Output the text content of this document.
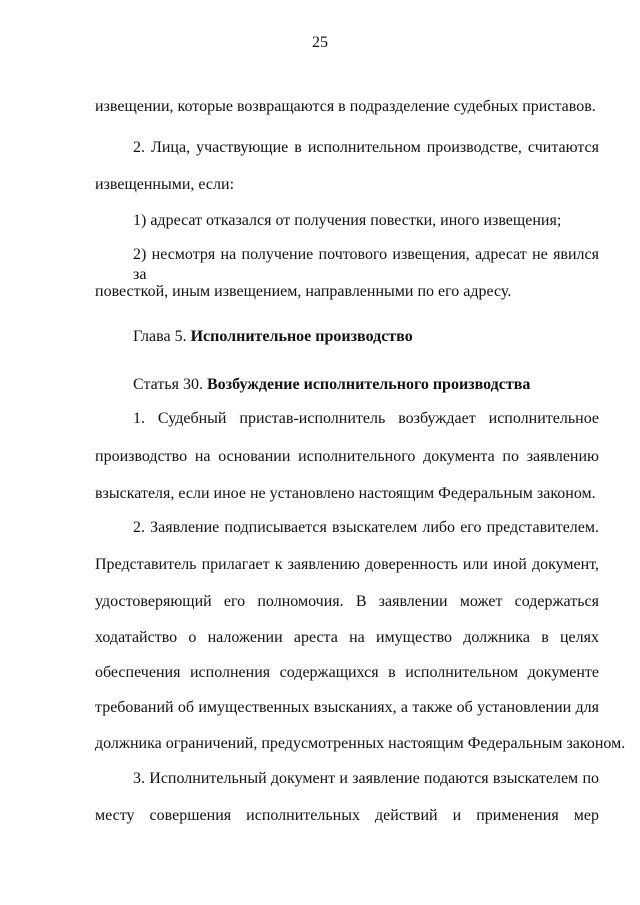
25
извещении, которые возвращаются в подразделение судебных приставов.
2. Лица, участвующие в исполнительном производстве, считаются
извещенными, если:
1) адресат отказался от получения повестки, иного извещения;
2) несмотря на получение почтового извещения, адресат не явился за
повесткой, иным извещением, направленными по его адресу.
Глава 5. Исполнительное производство
Статья 30. Возбуждение исполнительного производства
1. Судебный пристав-исполнитель возбуждает исполнительное
производство на основании исполнительного документа по заявлению
взыскателя, если иное не установлено настоящим Федеральным законом.
2. Заявление подписывается взыскателем либо его представителем.
Представитель прилагает к заявлению доверенность или иной документ,
удостоверяющий его полномочия. В заявлении может содержаться
ходатайство о наложении ареста на имущество должника в целях
обеспечения исполнения содержащихся в исполнительном документе
требований об имущественных взысканиях, а также об установлении для
должника ограничений, предусмотренных настоящим Федеральным законом.
3. Исполнительный документ и заявление подаются взыскателем по
месту совершения исполнительных действий и применения мер
